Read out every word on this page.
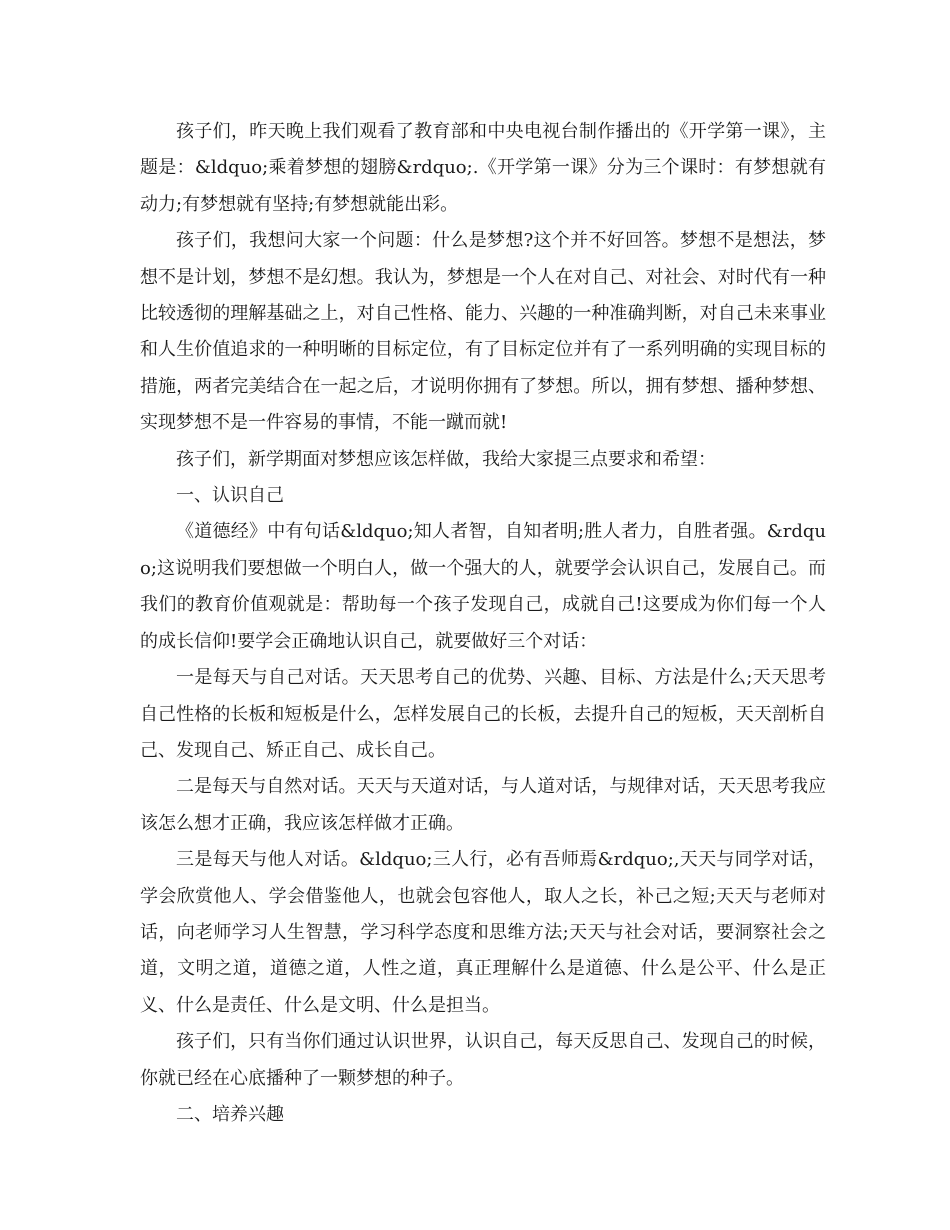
孩子们，昨天晚上我们观看了教育部和中央电视台制作播出的《开学第一课》，主题是：&ldquo;乘着梦想的翅膀&rdquo;.《开学第一课》分为三个课时：有梦想就有动力;有梦想就有坚持;有梦想就能出彩。

孩子们，我想问大家一个问题：什么是梦想?这个并不好回答。梦想不是想法，梦想不是计划，梦想不是幻想。我认为，梦想是一个人在对自己、对社会、对时代有一种比较透彻的理解基础之上，对自己性格、能力、兴趣的一种准确判断，对自己未来事业和人生价值追求的一种明晰的目标定位，有了目标定位并有了一系列明确的实现目标的措施，两者完美结合在一起之后，才说明你拥有了梦想。所以，拥有梦想、播种梦想、实现梦想不是一件容易的事情，不能一蹴而就!

孩子们，新学期面对梦想应该怎样做，我给大家提三点要求和希望：

一、认识自己

《道德经》中有句话&ldquo;知人者智，自知者明;胜人者力，自胜者强。&rdquo;这说明我们要想做一个明白人，做一个强大的人，就要学会认识自己，发展自己。而我们的教育价值观就是：帮助每一个孩子发现自己，成就自己!这要成为你们每一个人的成长信仰!要学会正确地认识自己，就要做好三个对话：

一是每天与自己对话。天天思考自己的优势、兴趣、目标、方法是什么;天天思考自己性格的长板和短板是什么，怎样发展自己的长板，去提升自己的短板，天天剖析自己、发现自己、矫正自己、成长自己。

二是每天与自然对话。天天与天道对话，与人道对话，与规律对话，天天思考我应该怎么想才正确，我应该怎样做才正确。

三是每天与他人对话。&ldquo;三人行，必有吾师焉&rdquo;,天天与同学对话，学会欣赏他人、学会借鉴他人，也就会包容他人，取人之长，补己之短;天天与老师对话，向老师学习人生智慧，学习科学态度和思维方法;天天与社会对话，要洞察社会之道，文明之道，道德之道，人性之道，真正理解什么是道德、什么是公平、什么是正义、什么是责任、什么是文明、什么是担当。

孩子们，只有当你们通过认识世界，认识自己，每天反思自己、发现自己的时候，你就已经在心底播种了一颗梦想的种子。

二、培养兴趣
